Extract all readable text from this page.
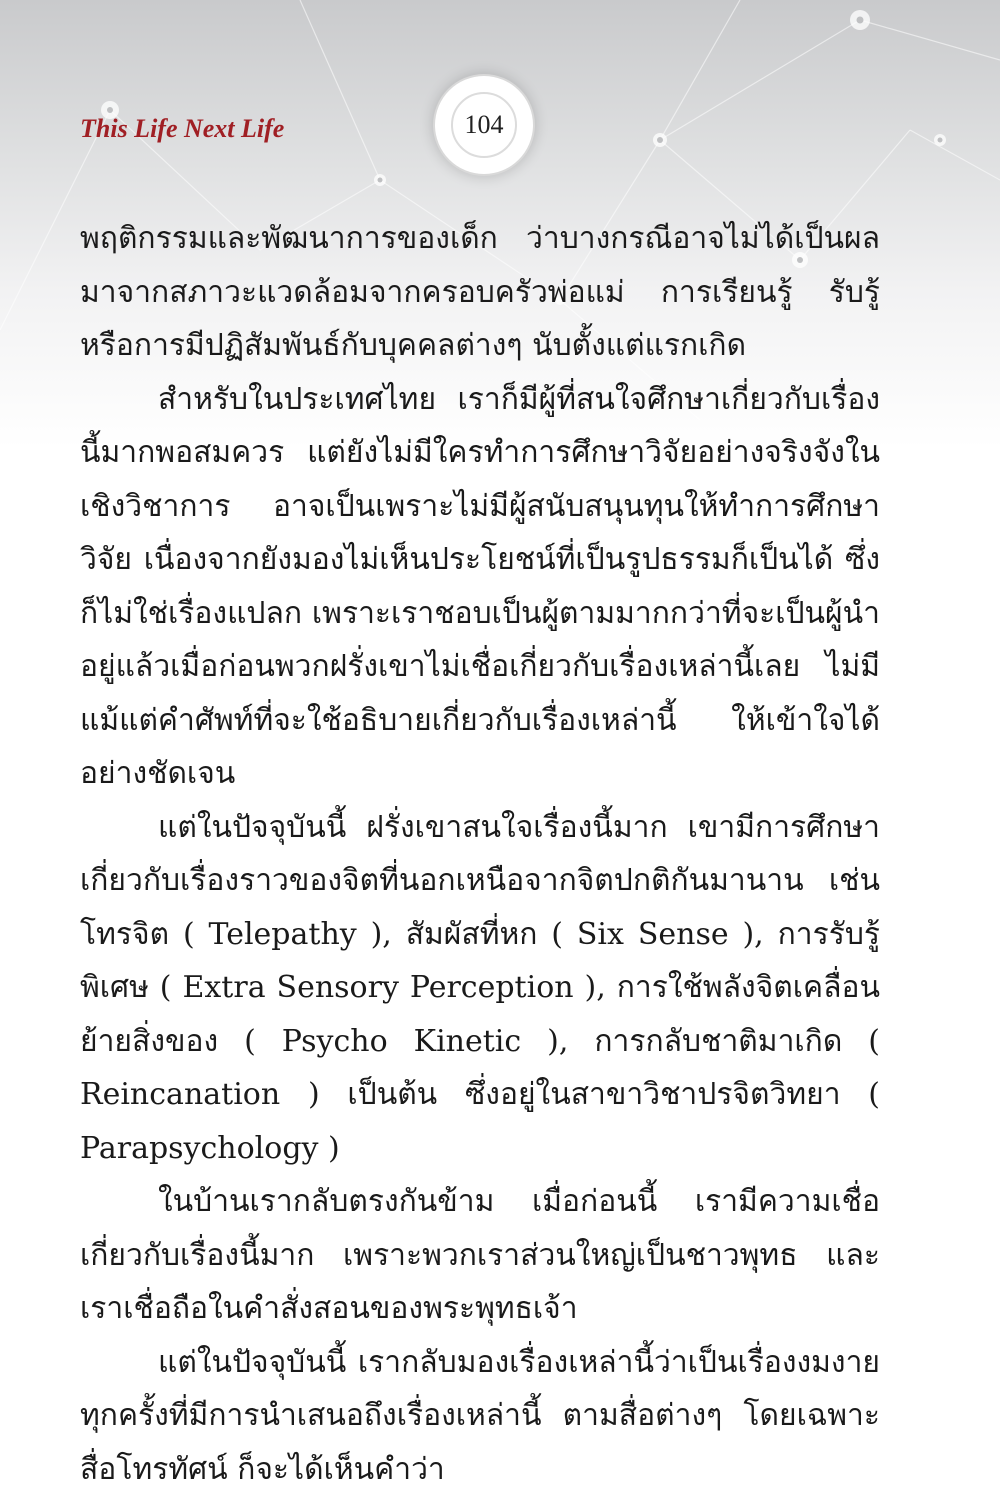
This Life Next Life	104

พฤติกรรมและพัฒนาการของเด็ก ว่าบางกรณีอาจไม่ได้เป็นผลมาจากสภาวะแวดล้อมจากครอบครัวพ่อแม่ การเรียนรู้ รับรู้ หรือการมีปฏิสัมพันธ์กับบุคคลต่างๆ นับตั้งแต่แรกเกิด

สำหรับในประเทศไทย เราก็มีผู้ที่สนใจศึกษาเกี่ยวกับเรื่องนี้มากพอสมควร แต่ยังไม่มีใครทำการศึกษาวิจัยอย่างจริงจังในเชิงวิชาการ อาจเป็นเพราะไม่มีผู้สนับสนุนทุนให้ทำการศึกษาวิจัย เนื่องจากยังมองไม่เห็นประโยชน์ที่เป็นรูปธรรมก็เป็นได้ ซึ่งก็ไม่ใช่เรื่องแปลก เพราะเราชอบเป็นผู้ตามมากกว่าที่จะเป็นผู้นำอยู่แล้วเมื่อก่อนพวกฝรั่งเขาไม่เชื่อเกี่ยวกับเรื่องเหล่านี้เลย ไม่มีแม้แต่คำศัพท์ที่จะใช้อธิบายเกี่ยวกับเรื่องเหล่านี้ ให้เข้าใจได้อย่างชัดเจน

แต่ในปัจจุบันนี้ ฝรั่งเขาสนใจเรื่องนี้มาก เขามีการศึกษาเกี่ยวกับเรื่องราวของจิตที่นอกเหนือจากจิตปกติกันมานาน เช่น โทรจิต ( Telepathy ), สัมผัสที่หก ( Six Sense ), การรับรู้พิเศษ ( Extra Sensory Perception ), การใช้พลังจิตเคลื่อนย้ายสิ่งของ ( Psycho Kinetic ), การกลับชาติมาเกิด ( Reincanation ) เป็นต้น ซึ่งอยู่ในสาขาวิชาปรจิตวิทยา ( Parapsychology )

ในบ้านเรากลับตรงกันข้าม เมื่อก่อนนี้ เรามีความเชื่อเกี่ยวกับเรื่องนี้มาก เพราะพวกเราส่วนใหญ่เป็นชาวพุทธ และเราเชื่อถือในคำสั่งสอนของพระพุทธเจ้า

แต่ในปัจจุบันนี้ เรากลับมองเรื่องเหล่านี้ว่าเป็นเรื่องงมงาย ทุกครั้งที่มีการนำเสนอถึงเรื่องเหล่านี้ ตามสื่อต่างๆ โดยเฉพาะสื่อโทรทัศน์ ก็จะได้เห็นคำว่า
